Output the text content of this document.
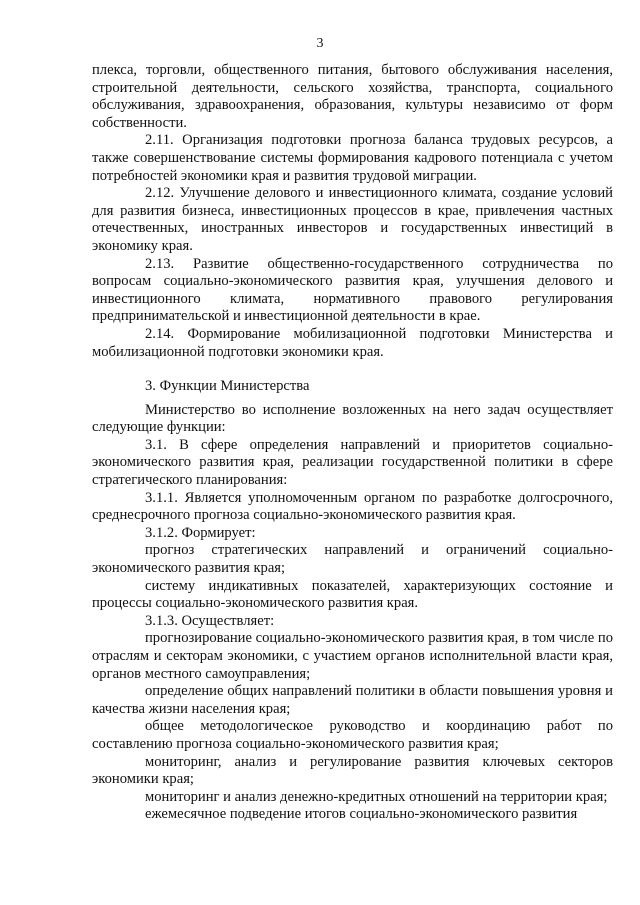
3

плекса, торговли, общественного питания, бытового обслуживания населения, строительной деятельности, сельского хозяйства, транспорта, социального обслуживания, здравоохранения, образования, культуры независимо от форм собственности.

2.11. Организация подготовки прогноза баланса трудовых ресурсов, а также совершенствование системы формирования кадрового потенциала с учетом потребностей экономики края и развития трудовой миграции.

2.12. Улучшение делового и инвестиционного климата, создание условий для развития бизнеса, инвестиционных процессов в крае, привлечения частных отечественных, иностранных инвесторов и государственных инвестиций в экономику края.

2.13. Развитие общественно-государственного сотрудничества по вопросам социально-экономического развития края, улучшения делового и инвестиционного климата, нормативного правового регулирования предпринимательской и инвестиционной деятельности в крае.

2.14. Формирование мобилизационной подготовки Министерства и мобилизационной подготовки экономики края.

3. Функции Министерства

Министерство во исполнение возложенных на него задач осуществляет следующие функции:

3.1. В сфере определения направлений и приоритетов социально-экономического развития края, реализации государственной политики в сфере стратегического планирования:

3.1.1. Является уполномоченным органом по разработке долгосрочного, среднесрочного прогноза социально-экономического развития края.

3.1.2. Формирует:

прогноз стратегических направлений и ограничений социально-экономического развития края;

систему индикативных показателей, характеризующих состояние и процессы социально-экономического развития края.

3.1.3. Осуществляет:

прогнозирование социально-экономического развития края, в том числе по отраслям и секторам экономики, с участием органов исполнительной власти края, органов местного самоуправления;

определение общих направлений политики в области повышения уровня и качества жизни населения края;

общее методологическое руководство и координацию работ по составлению прогноза социально-экономического развития края;

мониторинг, анализ и регулирование развития ключевых секторов экономики края;

мониторинг и анализ денежно-кредитных отношений на территории края;

ежемесячное подведение итогов социально-экономического развития
